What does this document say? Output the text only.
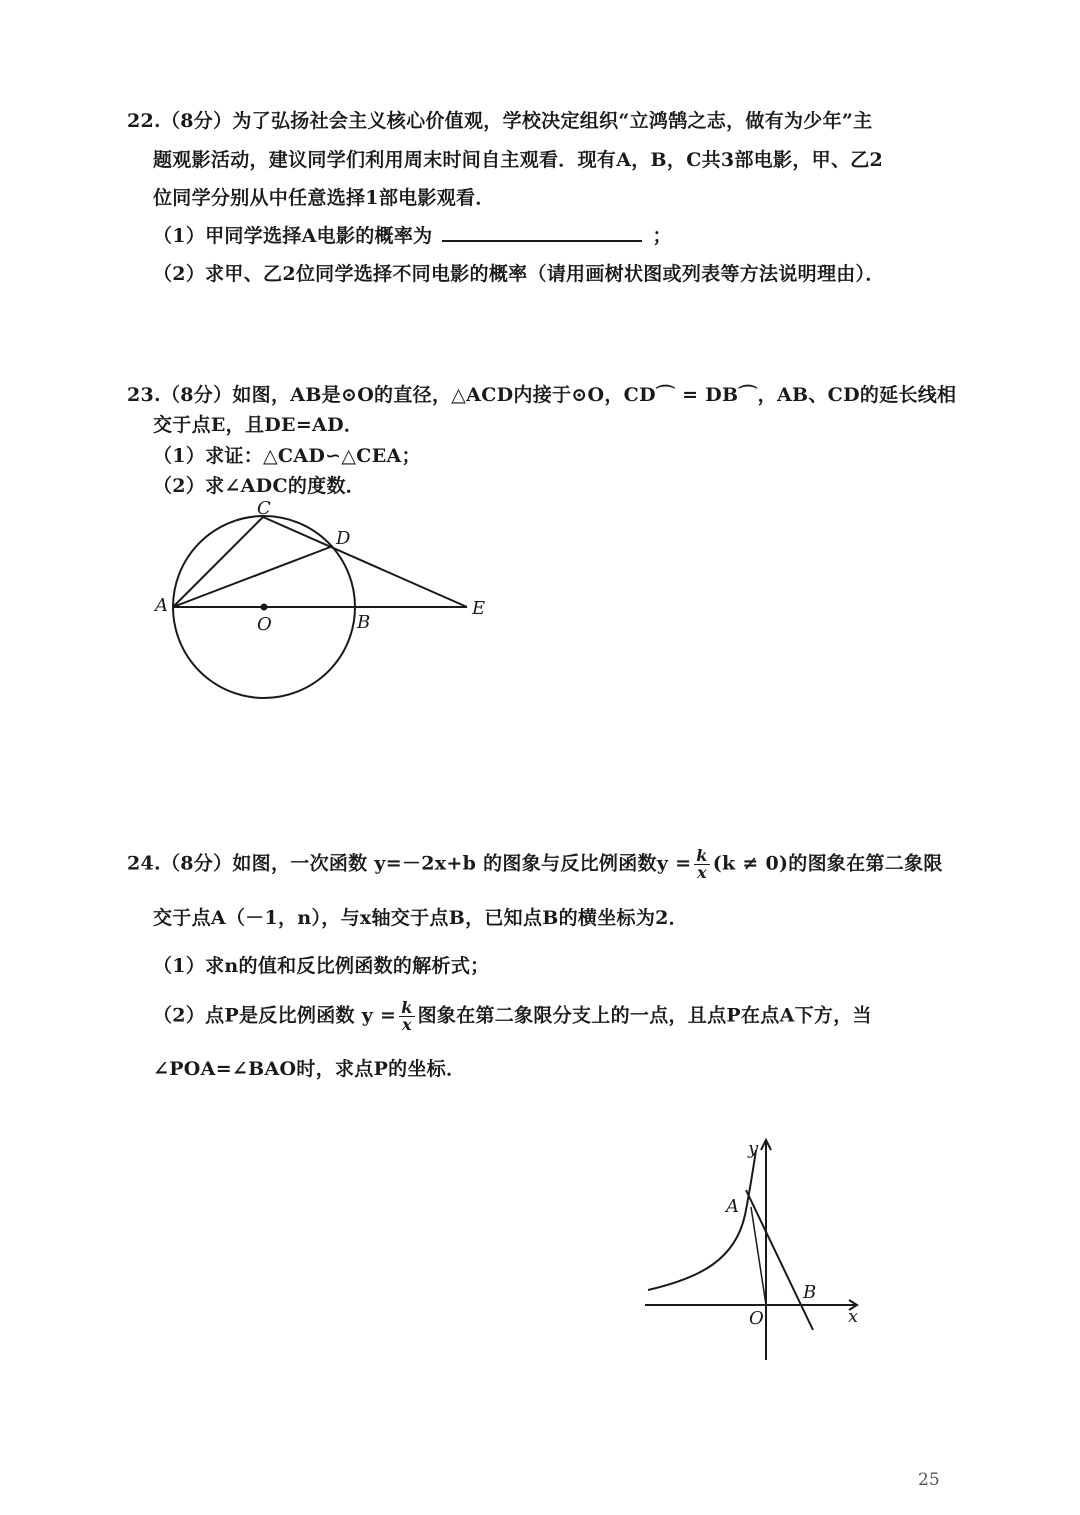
22.（8分）为了弘扬社会主义核心价值观，学校决定组织“立鸿鹄之志，做有为少年”主
题观影活动，建议同学们利用周末时间自主观看．现有A，B，C共3部电影，甲、乙2
位同学分别从中任意选择1部电影观看．
（1）甲同学选择A电影的概率为	；
（2）求甲、乙2位同学选择不同电影的概率（请用画树状图或列表等方法说明理由）．
23.（8分）如图，AB是⊙O的直径，△ACD内接于⊙O，CD⌒ = DB⌒，AB、CD的延长线相
交于点E，且DE=AD．
（1）求证：△CAD∽△CEA；
（2）求∠ADC的度数．
24.（8分）如图，一次函数 y=－2x+b 的图象与反比例函数$y = \frac{k}{x} (k \ne 0)$的图象在第二象限
交于点A（－1，n），与x轴交于点B，已知点B的横坐标为2．
（1）求n的值和反比例函数的解析式；
（2）点P是反比例函数 $y = \frac{k}{x}$ 图象在第二象限分支上的一点，且点P在点A下方，当
∠POA=∠BAO时，求点P的坐标．
A
B
C
D
E
O
A
B
O	x
y
25
